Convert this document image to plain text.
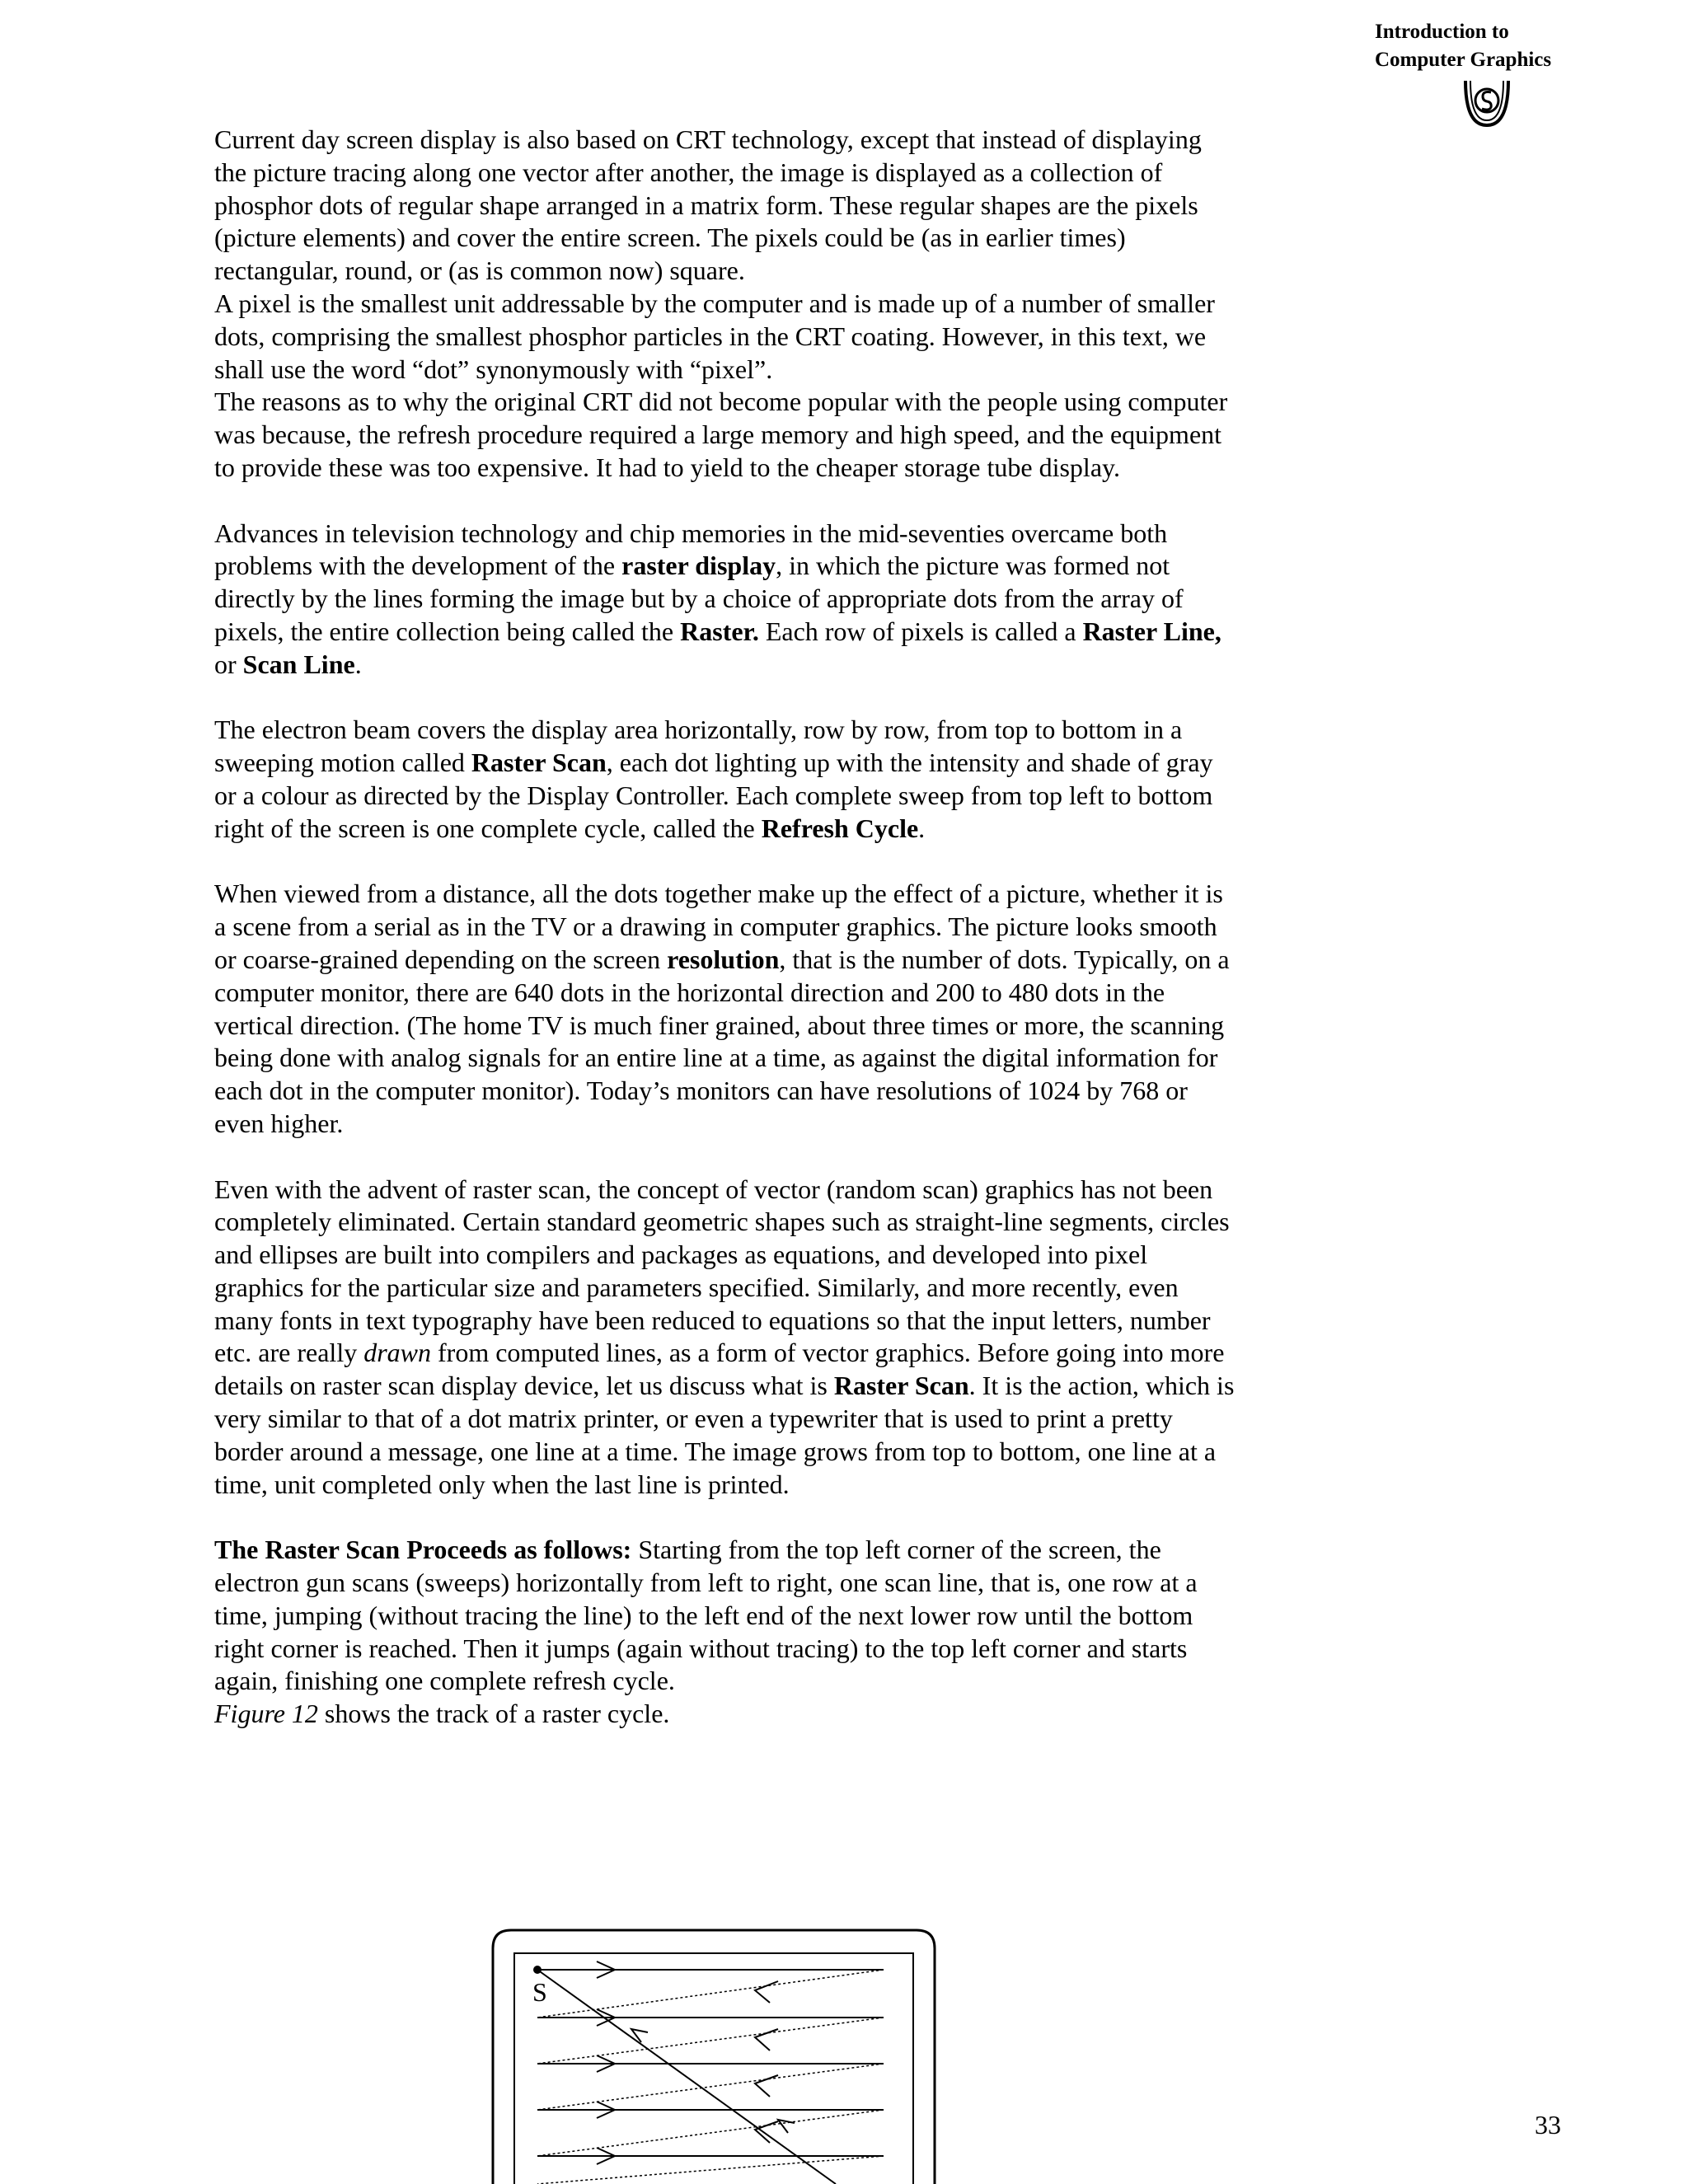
Introduction to
Computer Graphics

Current day screen display is also based on CRT technology, except that instead of displaying the picture tracing along one vector after another, the image is displayed as a collection of phosphor dots of regular shape arranged in a matrix form. These regular shapes are the pixels (picture elements) and cover the entire screen. The pixels could be (as in earlier times) rectangular, round, or (as is common now) square.

A pixel is the smallest unit addressable by the computer and is made up of a number of smaller dots, comprising the smallest phosphor particles in the CRT coating. However, in this text, we shall use the word “dot” synonymously with “pixel”.

The reasons as to why the original CRT did not become popular with the people using computer was because, the refresh procedure required a large memory and high speed, and the equipment to provide these was too expensive. It had to yield to the cheaper storage tube display.

Advances in television technology and chip memories in the mid-seventies overcame both problems with the development of the raster display, in which the picture was formed not directly by the lines forming the image but by a choice of appropriate dots from the array of pixels, the entire collection being called the Raster. Each row of pixels is called a Raster Line, or Scan Line.

The electron beam covers the display area horizontally, row by row, from top to bottom in a sweeping motion called Raster Scan, each dot lighting up with the intensity and shade of gray or a colour as directed by the Display Controller. Each complete sweep from top left to bottom right of the screen is one complete cycle, called the Refresh Cycle.

When viewed from a distance, all the dots together make up the effect of a picture, whether it is a scene from a serial as in the TV or a drawing in computer graphics. The picture looks smooth or coarse-grained depending on the screen resolution, that is the number of dots. Typically, on a computer monitor, there are 640 dots in the horizontal direction and 200 to 480 dots in the vertical direction. (The home TV is much finer grained, about three times or more, the scanning being done with analog signals for an entire line at a time, as against the digital information for each dot in the computer monitor). Today’s monitors can have resolutions of 1024 by 768 or even higher.

Even with the advent of raster scan, the concept of vector (random scan) graphics has not been completely eliminated. Certain standard geometric shapes such as straight-line segments, circles and ellipses are built into compilers and packages as equations, and developed into pixel graphics for the particular size and parameters specified. Similarly, and more recently, even many fonts in text typography have been reduced to equations so that the input letters, number etc. are really drawn from computed lines, as a form of vector graphics. Before going into more details on raster scan display device, let us discuss what is Raster Scan. It is the action, which is very similar to that of a dot matrix printer, or even a typewriter that is used to print a pretty border around a message, one line at a time. The image grows from top to bottom, one line at a time, unit completed only when the last line is printed.

The Raster Scan Proceeds as follows: Starting from the top left corner of the screen, the electron gun scans (sweeps) horizontally from left to right, one scan line, that is, one row at a time, jumping (without tracing the line) to the left end of the next lower row until the bottom right corner is reached. Then it jumps (again without tracing) to the top left corner and starts again, finishing one complete refresh cycle.
Figure 12 shows the track of a raster cycle.

S
33
